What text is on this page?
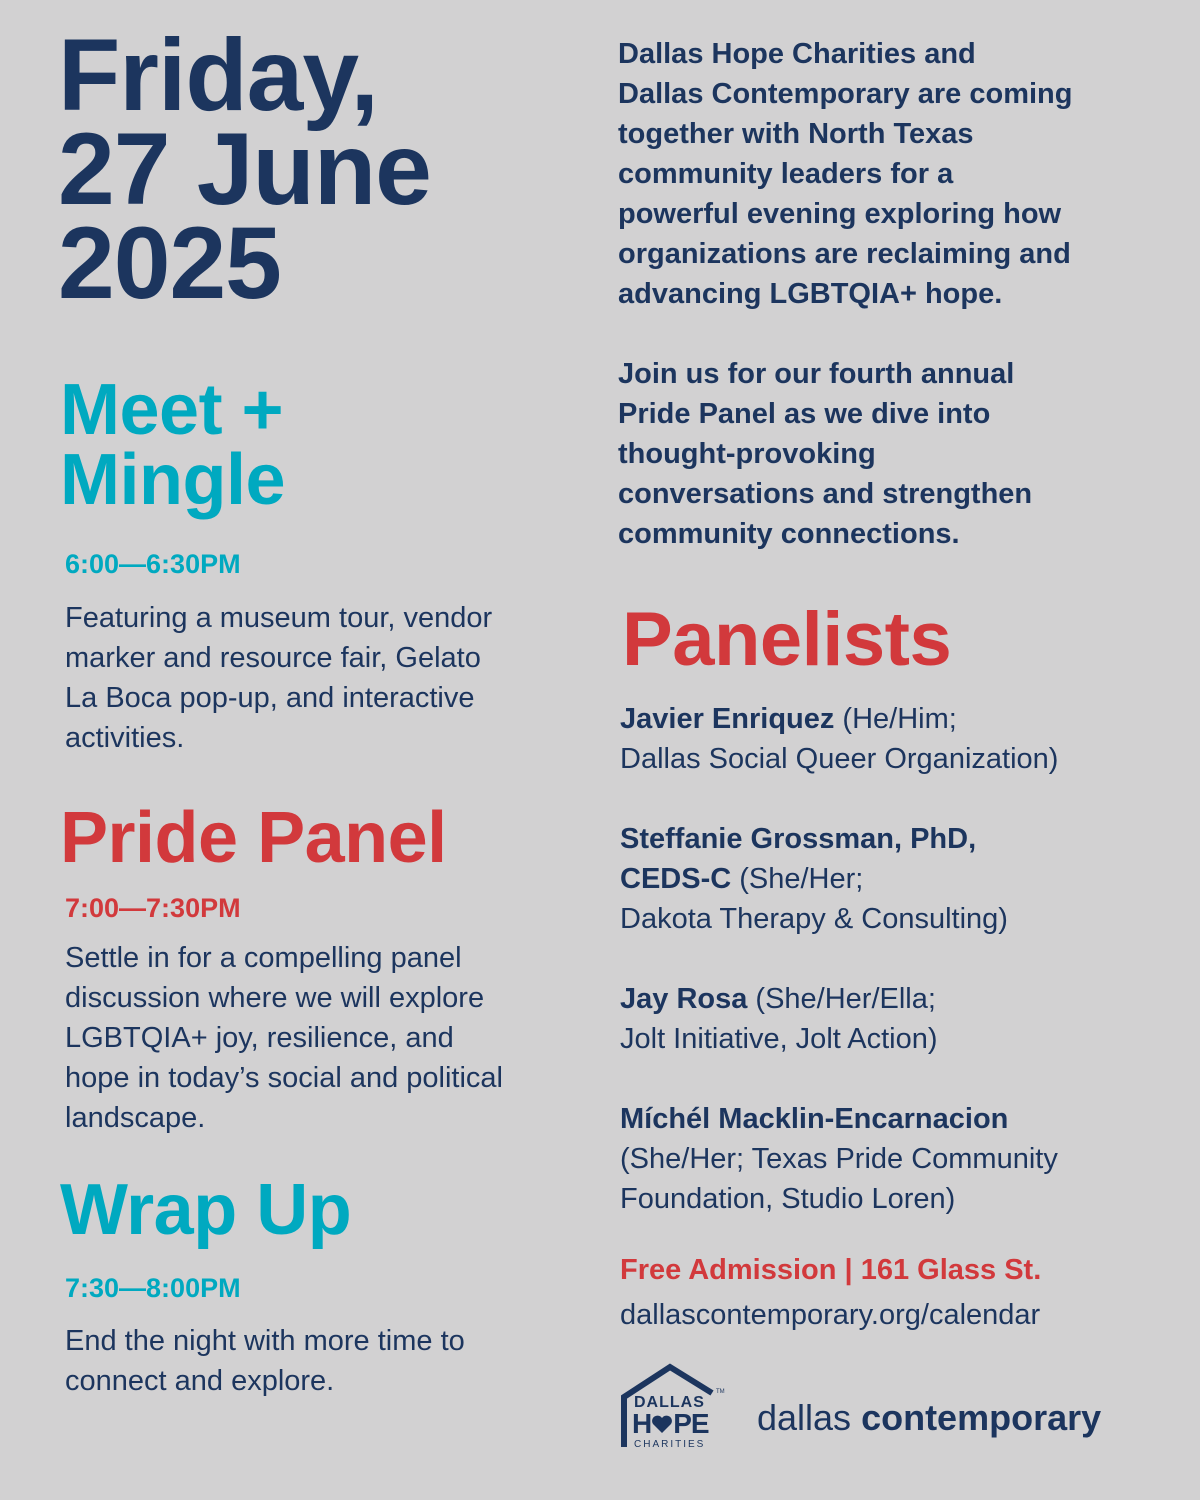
Friday,
27 June
2025
Meet +
Mingle
6:00—6:30PM
Featuring a museum tour, vendor
marker and resource fair, Gelato
La Boca pop-up, and interactive
activities.
Pride Panel
7:00—7:30PM
Settle in for a compelling panel
discussion where we will explore
LGBTQIA+ joy, resilience, and
hope in today’s social and political
landscape.
Wrap Up
7:30—8:00PM
End the night with more time to
connect and explore.

Dallas Hope Charities and
Dallas Contemporary are coming
together with North Texas
community leaders for a
powerful evening exploring how
organizations are reclaiming and
advancing LGBTQIA+ hope.

Join us for our fourth annual
Pride Panel as we dive into
thought-provoking
conversations and strengthen
community connections.

Panelists
Javier Enriquez (He/Him;
Dallas Social Queer Organization)
Steffanie Grossman, PhD,
CEDS-C (She/Her;
Dakota Therapy & Consulting)
Jay Rosa (She/Her/Ella;
Jolt Initiative, Jolt Action)
Míchél Macklin-Encarnacion
(She/Her; Texas Pride Community
Foundation, Studio Loren)
Free Admission | 161 Glass St.
dallascontemporary.org/calendar
DALLAS
TM
H PE
CHARITIES
dallas contemporary
